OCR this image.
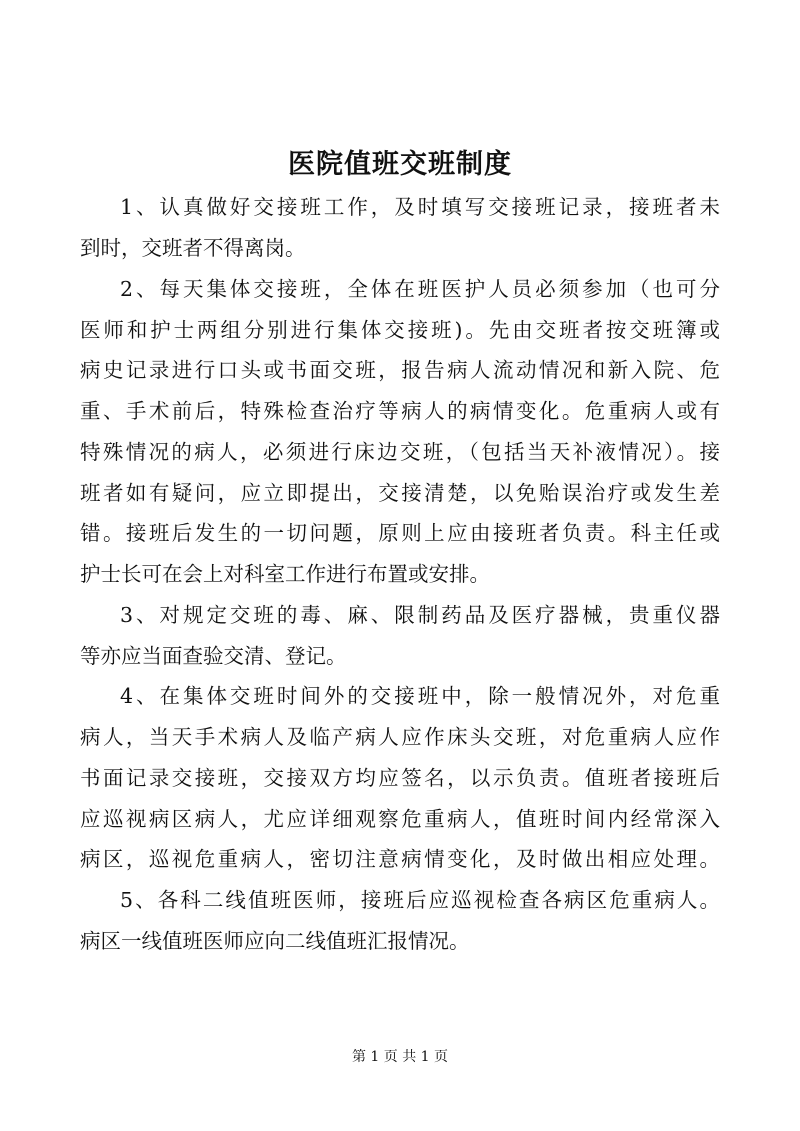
医院值班交班制度
1、认真做好交接班工作，及时填写交接班记录，接班者未
到时，交班者不得离岗。
2、每天集体交接班，全体在班医护人员必须参加（也可分
医师和护士两组分别进行集体交接班)。先由交班者按交班簿或
病史记录进行口头或书面交班，报告病人流动情况和新入院、危
重、手术前后，特殊检查治疗等病人的病情变化。危重病人或有
特殊情况的病人，必须进行床边交班，（包括当天补液情况）。接
班者如有疑问，应立即提出，交接清楚，以免贻误治疗或发生差
错。接班后发生的一切问题，原则上应由接班者负责。科主任或
护士长可在会上对科室工作进行布置或安排。
3、对规定交班的毒、麻、限制药品及医疗器械，贵重仪器
等亦应当面查验交清、登记。
4、在集体交班时间外的交接班中，除一般情况外，对危重
病人，当天手术病人及临产病人应作床头交班，对危重病人应作
书面记录交接班，交接双方均应签名，以示负责。值班者接班后
应巡视病区病人，尤应详细观察危重病人，值班时间内经常深入
病区，巡视危重病人，密切注意病情变化，及时做出相应处理。
5、各科二线值班医师，接班后应巡视检查各病区危重病人。
病区一线值班医师应向二线值班汇报情况。
第 1 页 共 1 页
